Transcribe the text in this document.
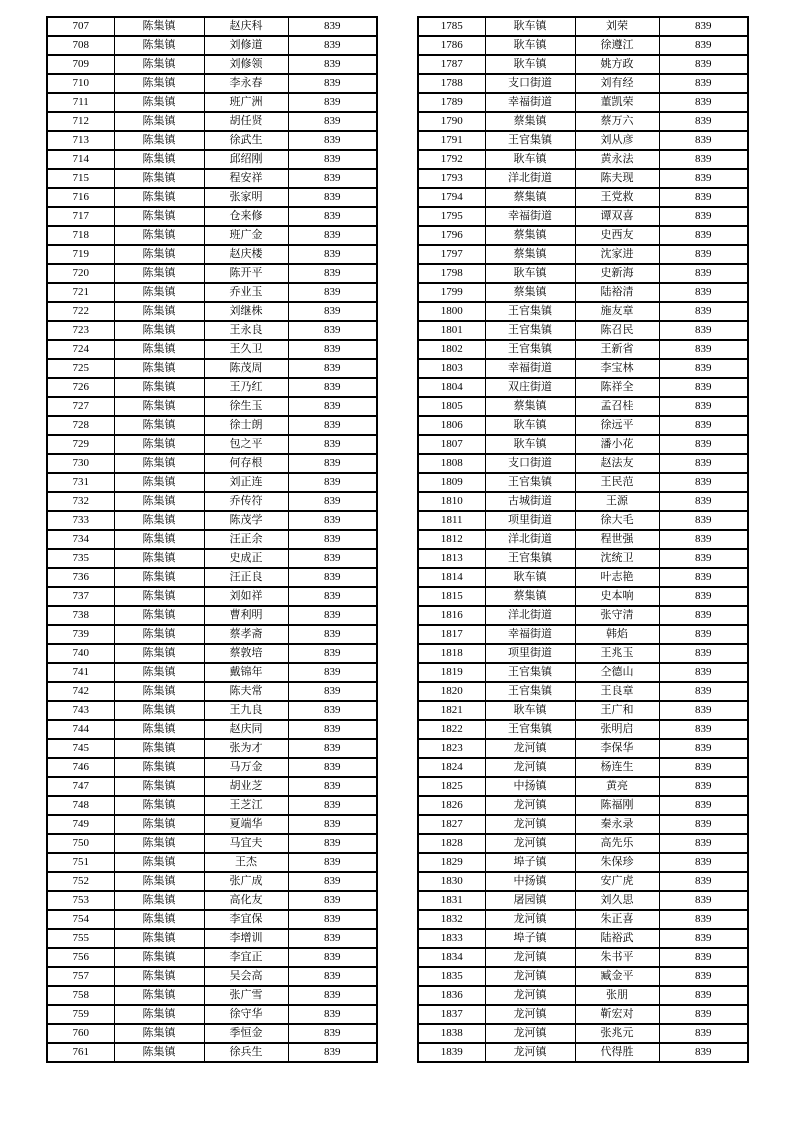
707	陈集镇	赵庆科	839
708	陈集镇	刘修道	839
709	陈集镇	刘修领	839
710	陈集镇	李永春	839
711	陈集镇	班广洲	839
712	陈集镇	胡任贤	839
713	陈集镇	徐武生	839
714	陈集镇	邱绍刚	839
715	陈集镇	程安祥	839
716	陈集镇	张家明	839
717	陈集镇	仓来修	839
718	陈集镇	班广金	839
719	陈集镇	赵庆楼	839
720	陈集镇	陈开平	839
721	陈集镇	乔业玉	839
722	陈集镇	刘继株	839
723	陈集镇	王永良	839
724	陈集镇	王久卫	839
725	陈集镇	陈茂周	839
726	陈集镇	王乃红	839
727	陈集镇	徐生玉	839
728	陈集镇	徐士朗	839
729	陈集镇	包之平	839
730	陈集镇	何存根	839
731	陈集镇	刘正连	839
732	陈集镇	乔传符	839
733	陈集镇	陈茂学	839
734	陈集镇	汪正余	839
735	陈集镇	史成正	839
736	陈集镇	汪正良	839
737	陈集镇	刘如祥	839
738	陈集镇	曹利明	839
739	陈集镇	蔡孝斋	839
740	陈集镇	蔡敦培	839
741	陈集镇	戴锦年	839
742	陈集镇	陈夫常	839
743	陈集镇	王九良	839
744	陈集镇	赵庆同	839
745	陈集镇	张为才	839
746	陈集镇	马万金	839
747	陈集镇	胡业芝	839
748	陈集镇	王芝江	839
749	陈集镇	夏端华	839
750	陈集镇	马宜夫	839
751	陈集镇	王杰	839
752	陈集镇	张广成	839
753	陈集镇	高化友	839
754	陈集镇	李宜保	839
755	陈集镇	李增训	839
756	陈集镇	李宜正	839
757	陈集镇	吴会高	839
758	陈集镇	张广雪	839
759	陈集镇	徐守华	839
760	陈集镇	季恒金	839
761	陈集镇	徐兵生	839
1785	耿车镇	刘荣	839
1786	耿车镇	徐遵江	839
1787	耿车镇	姚方政	839
1788	支口街道	刘有经	839
1789	幸福街道	董凯荣	839
1790	蔡集镇	蔡万六	839
1791	王官集镇	刘从彦	839
1792	耿车镇	黄永法	839
1793	洋北街道	陈夫现	839
1794	蔡集镇	王党救	839
1795	幸福街道	谭双喜	839
1796	蔡集镇	史西友	839
1797	蔡集镇	沈家进	839
1798	耿车镇	史新海	839
1799	蔡集镇	陆裕清	839
1800	王官集镇	施友章	839
1801	王官集镇	陈召民	839
1802	王官集镇	王新省	839
1803	幸福街道	李宝林	839
1804	双庄街道	陈祥全	839
1805	蔡集镇	孟召桂	839
1806	耿车镇	徐远平	839
1807	耿车镇	潘小花	839
1808	支口街道	赵法友	839
1809	王官集镇	王民范	839
1810	古城街道	王源	839
1811	项里街道	徐大毛	839
1812	洋北街道	程世强	839
1813	王官集镇	沈统卫	839
1814	耿车镇	叶志艳	839
1815	蔡集镇	史本响	839
1816	洋北街道	张守清	839
1817	幸福街道	韩焰	839
1818	项里街道	王兆玉	839
1819	王官集镇	仝德山	839
1820	王官集镇	王良章	839
1821	耿车镇	王广和	839
1822	王官集镇	张明启	839
1823	龙河镇	李保华	839
1824	龙河镇	杨连生	839
1825	中扬镇	黄亮	839
1826	龙河镇	陈福刚	839
1827	龙河镇	秦永录	839
1828	龙河镇	高先乐	839
1829	埠子镇	朱保珍	839
1830	中扬镇	安广虎	839
1831	屠园镇	刘久思	839
1832	龙河镇	朱正喜	839
1833	埠子镇	陆裕武	839
1834	龙河镇	朱书平	839
1835	龙河镇	臧金平	839
1836	龙河镇	张朋	839
1837	龙河镇	靳宏对	839
1838	龙河镇	张兆元	839
1839	龙河镇	代得胜	839
